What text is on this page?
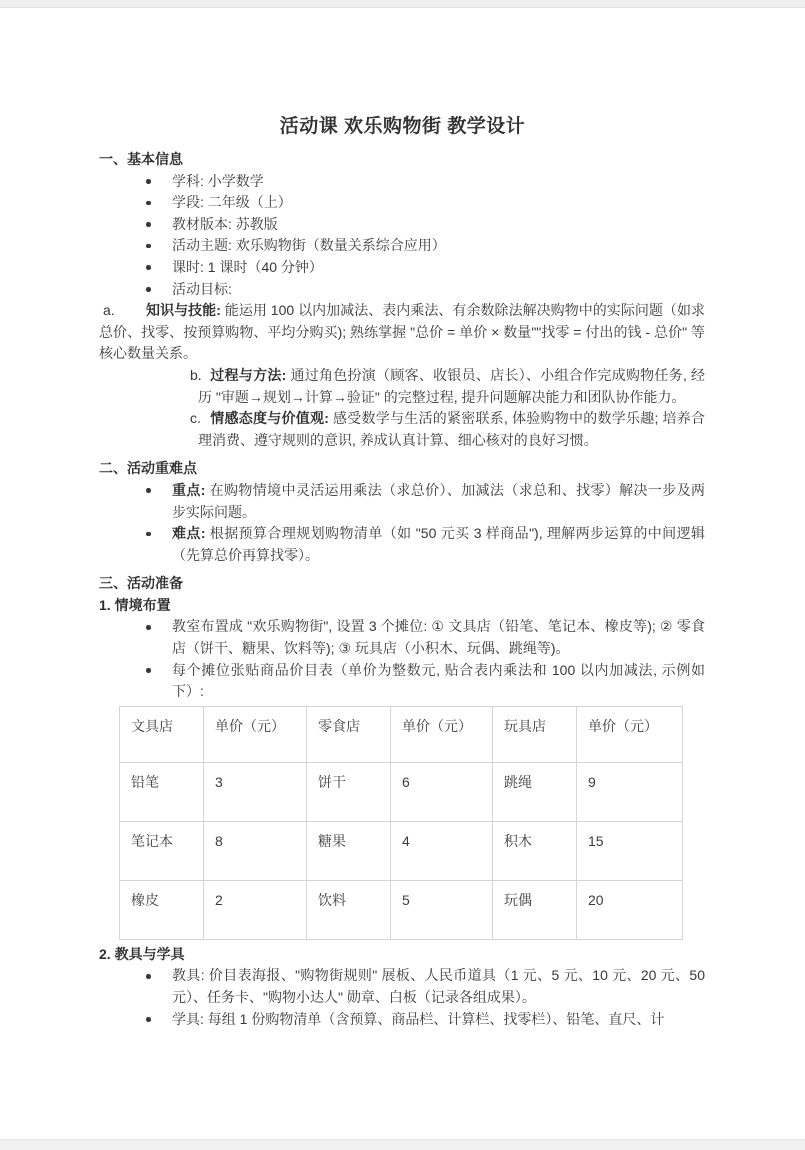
活动课 欢乐购物街 教学设计
一、基本信息
学科: 小学数学
学段: 二年级（上）
教材版本: 苏教版
活动主题: 欢乐购物街（数量关系综合应用）
课时: 1 课时（40 分钟）
活动目标:
a. 知识与技能: 能运用 100 以内加减法、表内乘法、有余数除法解决购物中的实际问题（如求总价、找零、按预算购物、平均分购买); 熟练掌握 "总价 = 单价 × 数量""找零 = 付出的钱 - 总价" 等核心数量关系。
b. 过程与方法: 通过角色扮演（顾客、收银员、店长）、小组合作完成购物任务, 经历 "审题→规划→计算→验证" 的完整过程, 提升问题解决能力和团队协作能力。
c. 情感态度与价值观: 感受数学与生活的紧密联系, 体验购物中的数学乐趣; 培养合理消费、遵守规则的意识, 养成认真计算、细心核对的良好习惯。
二、活动重难点
重点: 在购物情境中灵活运用乘法（求总价）、加减法（求总和、找零）解决一步及两步实际问题。
难点: 根据预算合理规划购物清单（如 "50 元买 3 样商品"), 理解两步运算的中间逻辑（先算总价再算找零）。
三、活动准备
1. 情境布置
教室布置成 "欢乐购物街", 设置 3 个摊位: ① 文具店（铅笔、笔记本、橡皮等); ② 零食店（饼干、糖果、饮料等); ③ 玩具店（小积木、玩偶、跳绳等)。
每个摊位张贴商品价目表（单价为整数元, 贴合表内乘法和 100 以内加减法, 示例如下）:
文具店	单价（元）	零食店	单价（元）	玩具店	单价（元）
铅笔	3	饼干	6	跳绳	9
笔记本	8	糖果	4	积木	15
橡皮	2	饮料	5	玩偶	20
2. 教具与学具
教具: 价目表海报、"购物街规则" 展板、人民币道具（1 元、5 元、10 元、20 元、50 元）、任务卡、"购物小达人" 勋章、白板（记录各组成果）。
学具: 每组 1 份购物清单（含预算、商品栏、计算栏、找零栏）、铅笔、直尺、计
